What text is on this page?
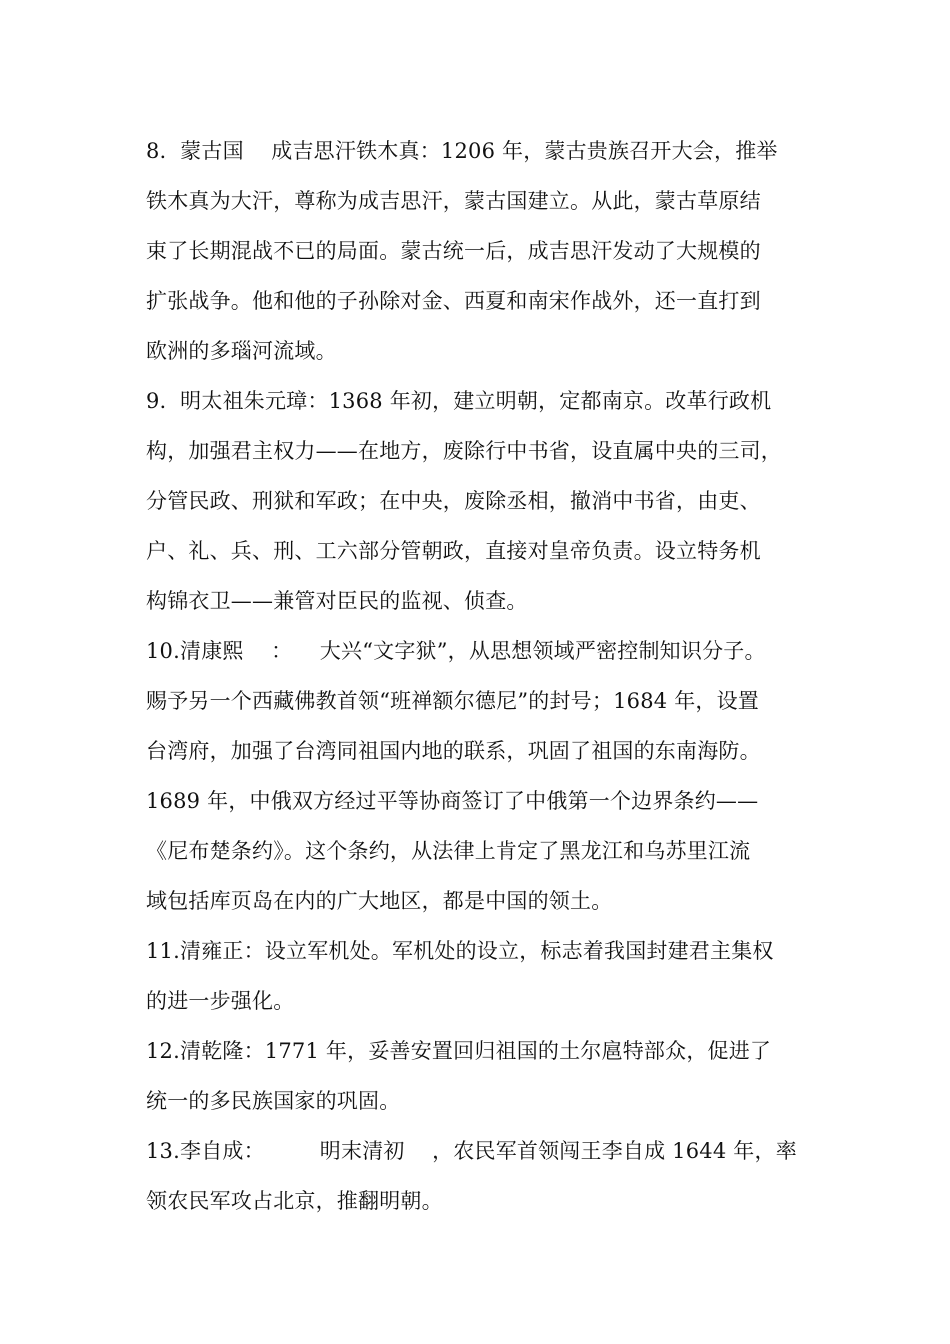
8.  蒙古国    成吉思汗铁木真：1206 年，蒙古贵族召开大会，推举
铁木真为大汗，尊称为成吉思汗，蒙古国建立。从此，蒙古草原结
束了长期混战不已的局面。蒙古统一后，成吉思汗发动了大规模的
扩张战争。他和他的子孙除对金、西夏和南宋作战外，还一直打到
欧洲的多瑙河流域。
9.  明太祖朱元璋：1368 年初，建立明朝，定都南京。改革行政机
构，加强君主权力——在地方，废除行中书省，设直属中央的三司，
分管民政、刑狱和军政；在中央，废除丞相，撤消中书省，由吏、
户、礼、兵、刑、工六部分管朝政，直接对皇帝负责。设立特务机
构锦衣卫——兼管对臣民的监视、侦查。
10.清康熙    ：    大兴“文字狱”，从思想领域严密控制知识分子。
赐予另一个西藏佛教首领“班禅额尔德尼”的封号；1684 年，设置
台湾府，加强了台湾同祖国内地的联系，巩固了祖国的东南海防。
1689 年，中俄双方经过平等协商签订了中俄第一个边界条约——
《尼布楚条约》。这个条约，从法律上肯定了黑龙江和乌苏里江流
域包括库页岛在内的广大地区，都是中国的领土。
11.清雍正：设立军机处。军机处的设立，标志着我国封建君主集权
的进一步强化。
12.清乾隆：1771 年，妥善安置回归祖国的土尔扈特部众，促进了
统一的多民族国家的巩固。
13.李自成：        明末清初    ，农民军首领闯王李自成 1644 年，率
领农民军攻占北京，推翻明朝。
